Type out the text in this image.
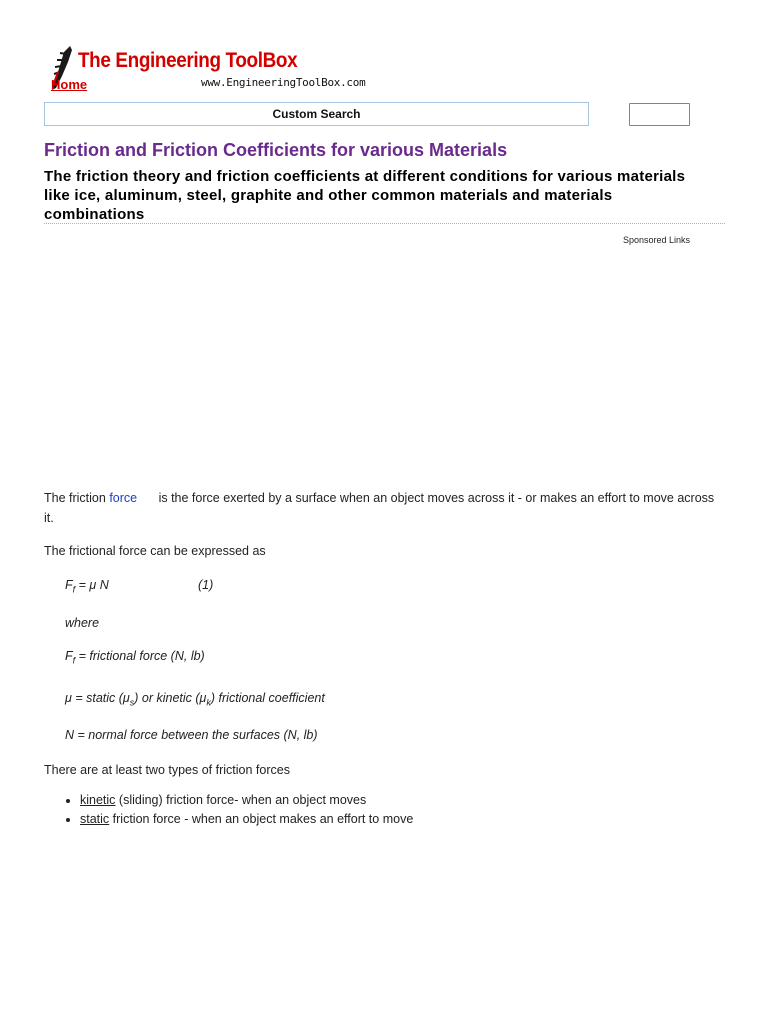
The Engineering ToolBox
www.EngineeringToolBox.com
Home
Custom Search
Friction and Friction Coefficients for various Materials

The friction theory and friction coefficients at different conditions for various materials like ice, aluminum, steel, graphite and other common materials and materials combinations

Sponsored Links

The friction force is the force exerted by a surface when an object moves across it - or makes an effort to move across it.

The frictional force can be expressed as

$F_f = \mu$ N	(1)
where
$F_f$ = frictional force (N, lb)
μ = static $(\mu_s)$ or kinetic $(\mu_k)$ frictional coefficient
N = normal force between the surfaces (N, lb)

There are at least two types of friction forces

• kinetic (sliding) friction force- when an object moves
• static friction force - when an object makes an effort to move
